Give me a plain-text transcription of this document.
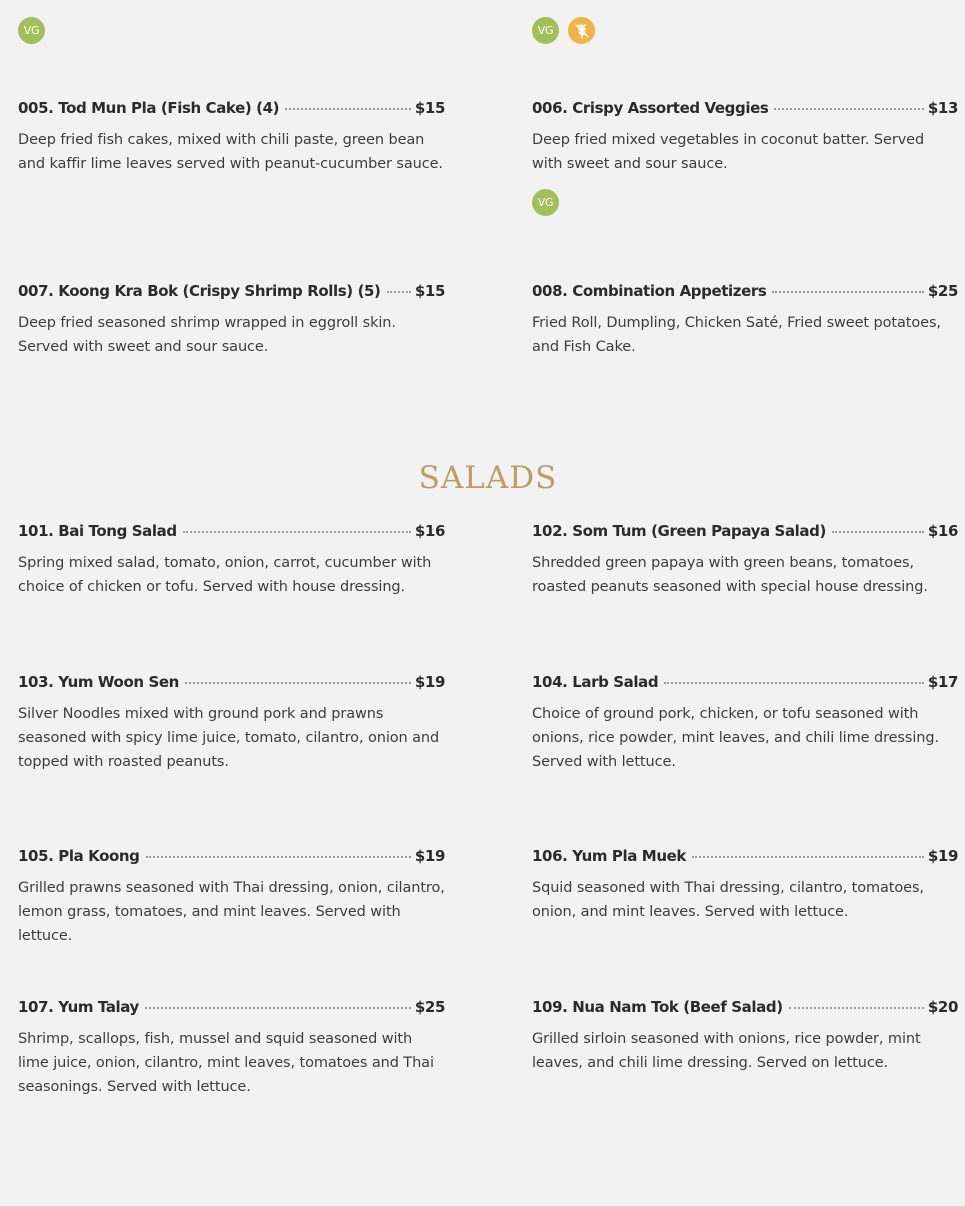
VG	VG
005. Tod Mun Pla (Fish Cake) (4)	$15
Deep fried fish cakes, mixed with chili paste, green bean and kaffir lime leaves served with peanut-cucumber sauce.
006. Crispy Assorted Veggies	$13
Deep fried mixed vegetables in coconut batter. Served with sweet and sour sauce.
VG
007. Koong Kra Bok (Crispy Shrimp Rolls) (5) $15
Deep fried seasoned shrimp wrapped in eggroll skin. Served with sweet and sour sauce.
008. Combination Appetizers	$25
Fried Roll, Dumpling, Chicken Saté, Fried sweet potatoes, and Fish Cake.
SALADS
101. Bai Tong Salad	$16
Spring mixed salad, tomato, onion, carrot, cucumber with choice of chicken or tofu. Served with house dressing.
102. Som Tum (Green Papaya Salad)	$16
Shredded green papaya with green beans, tomatoes, roasted peanuts seasoned with special house dressing.
103. Yum Woon Sen	$19
Silver Noodles mixed with ground pork and prawns seasoned with spicy lime juice, tomato, cilantro, onion and topped with roasted peanuts.
104. Larb Salad	$17
Choice of ground pork, chicken, or tofu seasoned with onions, rice powder, mint leaves, and chili lime dressing. Served with lettuce.
105. Pla Koong	$19
Grilled prawns seasoned with Thai dressing, onion, cilantro, lemon grass, tomatoes, and mint leaves. Served with lettuce.
106. Yum Pla Muek	$19
Squid seasoned with Thai dressing, cilantro, tomatoes, onion, and mint leaves. Served with lettuce.
107. Yum Talay	$25
Shrimp, scallops, fish, mussel and squid seasoned with lime juice, onion, cilantro, mint leaves, tomatoes and Thai seasonings. Served with lettuce.
109. Nua Nam Tok (Beef Salad)	$20
Grilled sirloin seasoned with onions, rice powder, mint leaves, and chili lime dressing. Served on lettuce.
